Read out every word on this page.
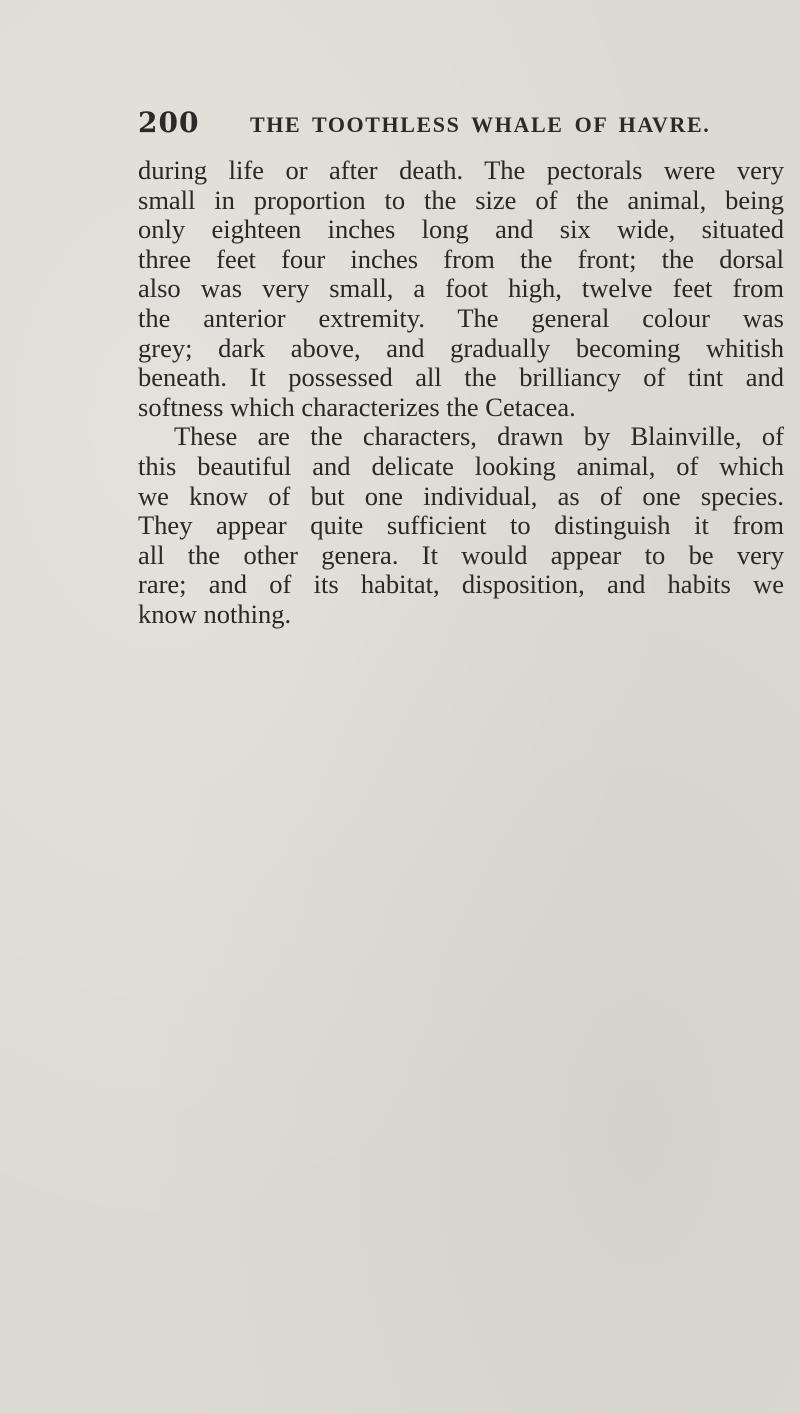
200 THE TOOTHLESS WHALE OF HAVRE.
during life or after death. The pectorals were very
small in proportion to the size of the animal, being
only eighteen inches long and six wide, situated
three feet four inches from the front; the dorsal
also was very small, a foot high, twelve feet from
the anterior extremity. The general colour was
grey; dark above, and gradually becoming whitish
beneath. It possessed all the brilliancy of tint and
softness which characterizes the Cetacea.
These are the characters, drawn by Blainville, of
this beautiful and delicate looking animal, of which
we know of but one individual, as of one species.
They appear quite sufficient to distinguish it from
all the other genera. It would appear to be very
rare; and of its habitat, disposition, and habits we
know nothing.
